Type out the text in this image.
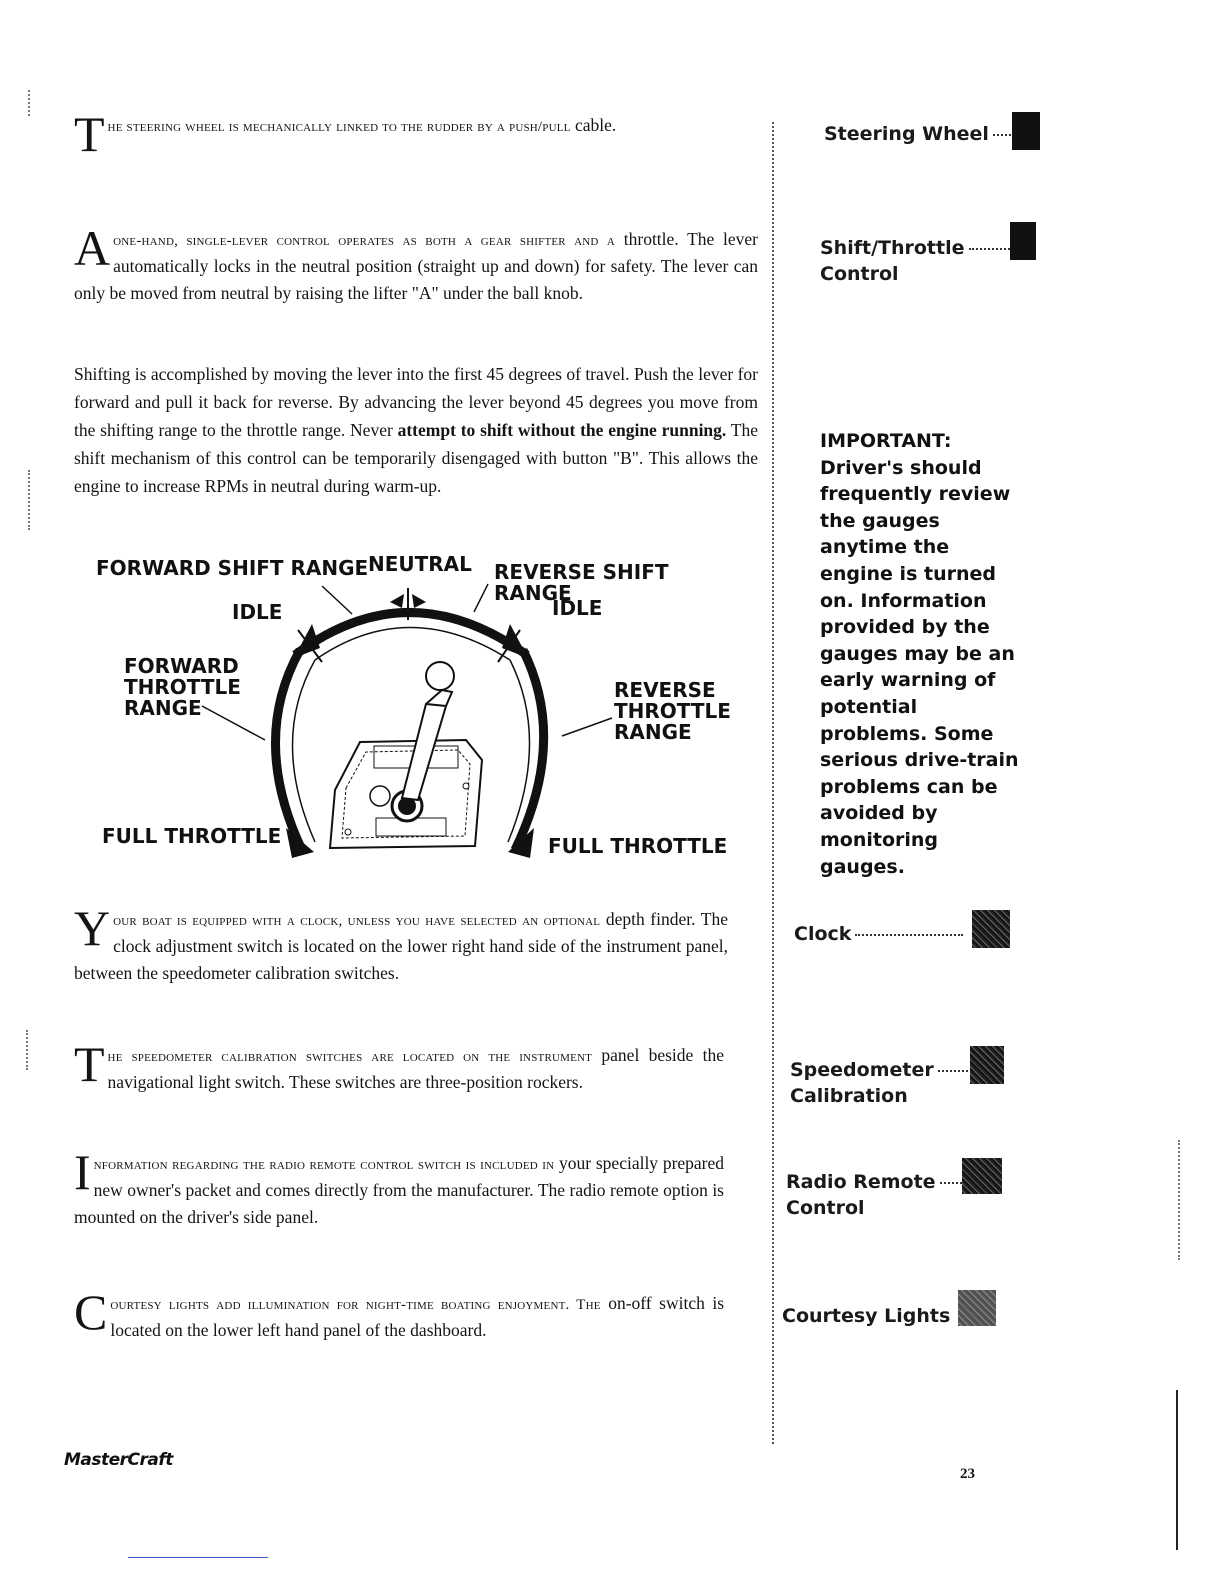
T he steering wheel is mechanically linked to the rudder by a push/pull cable.
A one-hand, single-lever control operates as both a gear shifter and a throttle. The lever automatically locks in the neutral position (straight up and down) for safety. The lever can only be moved from neutral by raising the lifter "A" under the ball knob.
Shifting is accomplished by moving the lever into the first 45 degrees of travel. Push the lever for forward and pull it back for reverse. By advancing the lever beyond 45 degrees you move from the shifting range to the throttle range. Never attempt to shift without the engine running. The shift mechanism of this control can be temporarily disengaged with button "B". This allows the engine to increase RPMs in neutral during warm-up.
FORWARD SHIFT RANGE NEUTRAL REVERSE SHIFT RANGE
IDLE	IDLE
FORWARD
THROTTLE
RANGE
REVERSE
THROTTLE
RANGE
FULL THROTTLE	FULL THROTTLE
Y our boat is equipped with a clock, unless you have selected an optional depth finder. The clock adjustment switch is located on the lower right hand side of the instrument panel, between the speedometer calibration switches.
T he speedometer calibration switches are located on the instrument panel beside the navigational light switch. These switches are three-position rockers.
I nformation regarding the radio remote control switch is included in your specially prepared new owner's packet and comes directly from the manufacturer. The radio remote option is mounted on the driver's side panel.
C ourtesy lights add illumination for night-time boating enjoyment. The on-off switch is located on the lower left hand panel of the dashboard.
Steering Wheel
Shift/Throttle
Control
IMPORTANT:
Driver's should frequently review the gauges anytime the engine is turned on. Information provided by the gauges may be an early warning of potential problems. Some serious drive-train problems can be avoided by monitoring gauges.
Clock
Speedometer
Calibration
Radio Remote
Control
Courtesy Lights
MasterCraft
23
